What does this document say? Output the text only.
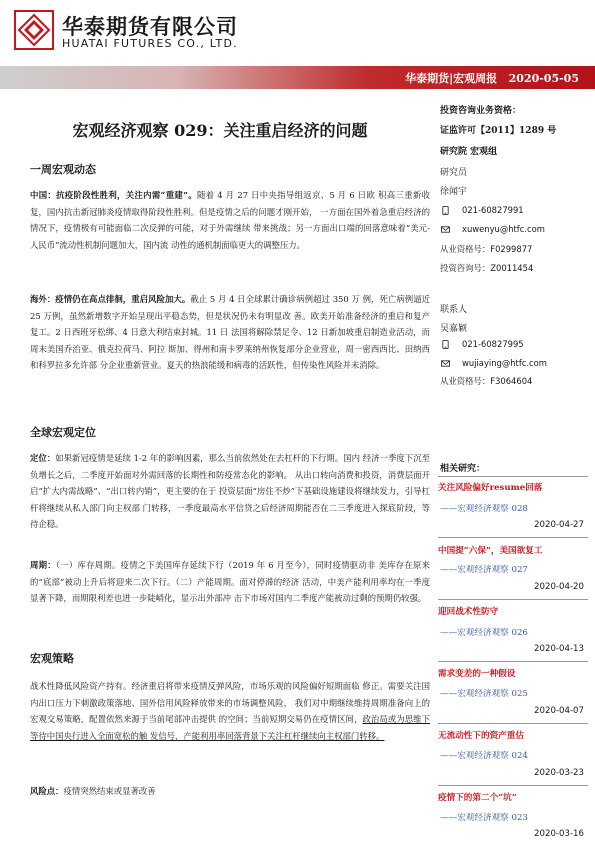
华泰期货有限公司
HUATAI FUTURES CO., LTD.
华泰期货|宏观周报   2020-05-05
宏观经济观察 029：关注重启经济的问题
一周宏观动态
中国：抗疫阶段性胜利，关注内需“重建”。随着 4 月 27 日中央指导组返京、5 月 6 日欧 积高三重新收复，国内抗击新冠肺炎疫情取得阶段性胜利。但是疫情之后的问题才刚开始， 一方面在国外着急重启经济的情况下，疫情极有可能面临二次反弹的可能，对于外需继续 带来挑战；另一方面出口端的回落意味着“美元-人民币”流动性机制问题加大，国内流 动性的通机制面临更大的调整压力。
海外：疫情仍在高点徘徊，重启风险加大。截止 5 月 4 日全球累计确诊病例超过 350 万 例，死亡病例逼近 25 万例，虽然新增数字开始呈现出平稳态势，但是状况仍未有明显改 善。欧美开始准备经济的重启和复产复工。2 日西班牙松绑、4 日意大利结束封城。11 日 法国将解除禁足令、12 日新加坡重启制造业活动，而周末美国乔治亚、俄克拉荷马、阿拉 斯加、得州和南卡罗莱纳州恢复部分企业营业，周一密西西比、田纳西和科罗拉多允许部 分企业重新营业。夏天的热浪能缓和病毒的活跃性，但传染性风险并未消除。
全球宏观定位
定位：如果新冠疫情是延续 1-2 年的影响因素，那么当前依然处在去杠杆的下行期。国内 经济一季度下沉至负增长之后，二季度开始面对外需回落的长期性和防疫常态化的影响。 从出口转向消费和投资，消费层面开启“扩大内需战略”、“出口转内销”，更主要的在于 投资层面“房住不炒”下基础设施建设将继续发力，引导杠杆将继续从私人部门向主权部 门转移，一季度最高水平信贷之后经济周期能否在二三季度进入探底阶段，等待企稳。
周期：（一）库存周期。疫情之下美国库存延续下行（2019 年 6 月至今），同时疫情驱动非 美库存在原来的“底部”被动上升后将迎来二次下行。（二）产能周期。面对停滞的经济 活动，中美产能利用率均在一季度显著下降，而期限利差也进一步陡峭化，显示出外部冲 击下市场对国内二季度产能被动过剩的预期仍较强。
宏观策略
战术性降低风险资产持有。经济重启将带来疫情反弹风险，市场乐观的风险偏好短期面临 修正。需要关注国内出口压力下刺激政策落地、国外信用风险释放带来的市场调整风险， 我们对中期继续维持周期准备向上的宏观交易策略，配置依然来源于当前尾部冲击提供 的空间；当前短期交易仍在疫情区间，政治局或为思维下等待中国央行进入全面宽松的触 发信号，产能利用率回落背景下关注杠杆继续向主权部门转移。
风险点：疫情突然结束或显著改善
投资咨询业务资格：
证监许可【2011】1289 号
研究院 宏观组
研究员
徐闻宇
021-60827991
xuwenyu@htfc.com
从业资格号：F0299877
投资咨询号：Z0011454
联系人
吴嘉颖
021-60827995
wujiaying@htfc.com
从业资格号：F3064604
相关研究：
关注风险偏好resume回落
——宏观经济观察 028
2020-04-27
中国提“六保”，美国欲复工
——宏观经济观察 027
2020-04-20
迎回战术性防守
——宏观经济观察 026
2020-04-13
需求变差的一种假设
——宏观经济观察 025
2020-04-07
无流动性下的资产重估
——宏观经济观察 024
2020-03-23
疫情下的第二个“坑”
——宏观经济观察 023
2020-03-16
